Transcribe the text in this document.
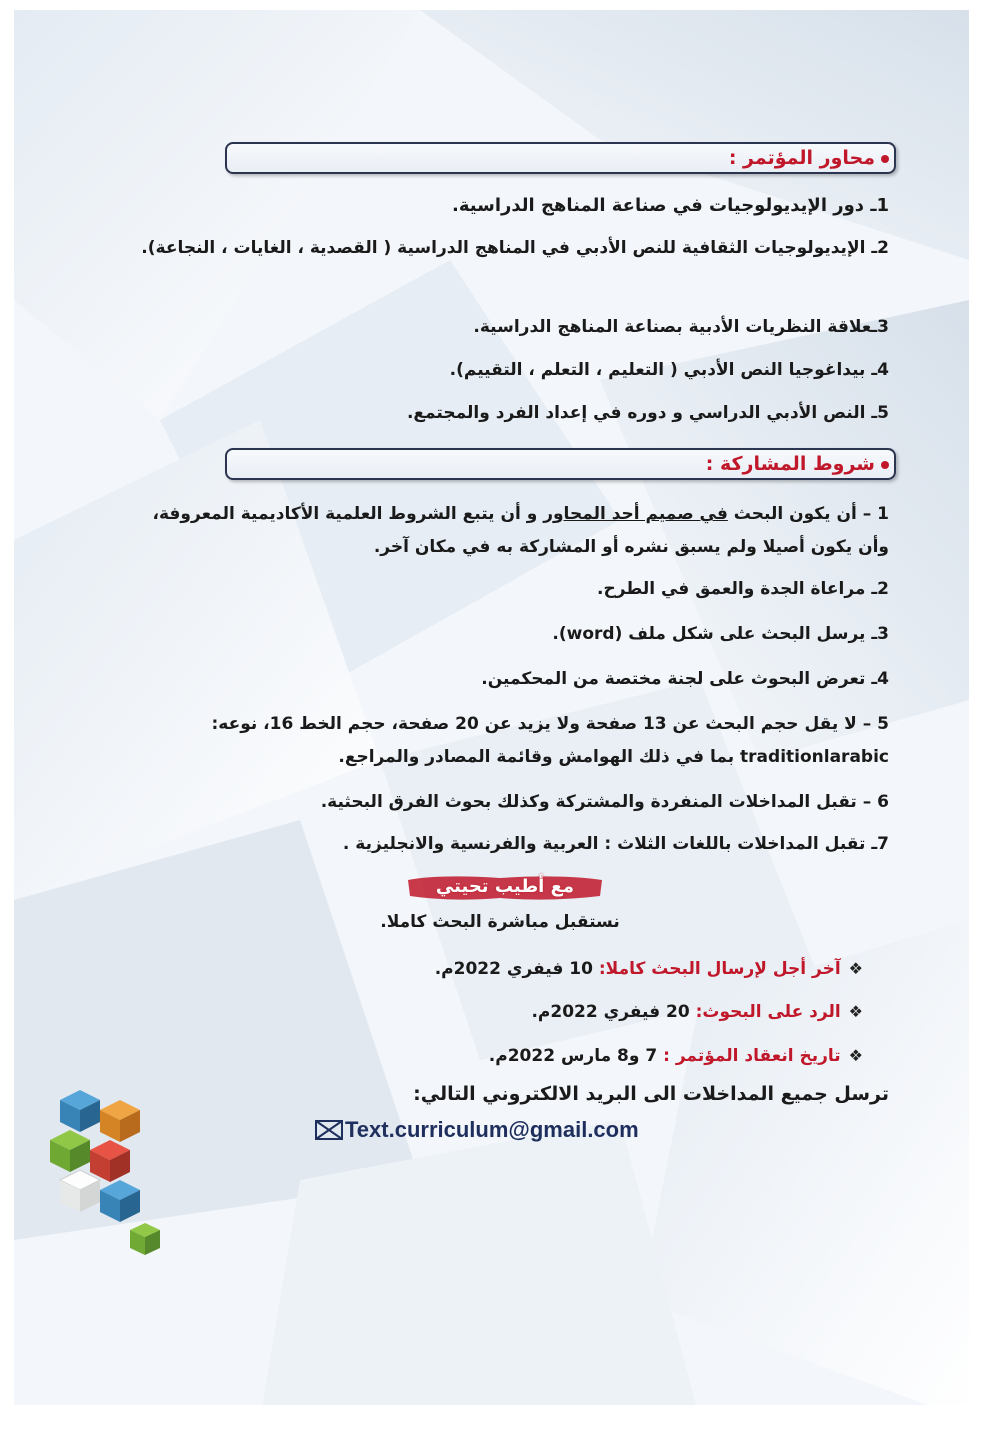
محاور المؤتمر :
1ـ دور الإيديولوجيات في صناعة المناهج الدراسية.
2ـ الإيديولوجيات الثقافية للنص الأدبي في المناهج الدراسية ( القصدية ، الغايات ، النجاعة).
3ـعلاقة النظريات الأدبية بصناعة المناهج الدراسية.
4ـ بيداغوجيا النص الأدبي ( التعليم ، التعلم ، التقييم).
5ـ النص الأدبي الدراسي و دوره في إعداد الفرد والمجتمع.
شروط المشاركة :
1 – أن يكون البحث في صميم أحد المحاور و أن يتبع الشروط العلمية الأكاديمية المعروفة، وأن يكون أصيلا ولم يسبق نشره أو المشاركة به في مكان آخر.
2ـ مراعاة الجدة والعمق في الطرح.
3ـ يرسل البحث على شكل ملف (word).
4ـ تعرض البحوث على لجنة مختصة من المحكمين.
5 – لا يقل حجم البحث عن 13 صفحة ولا يزيد عن 20 صفحة، حجم الخط 16، نوعه: traditionlarabic بما في ذلك الهوامش وقائمة المصادر والمراجع.
6 – تقبل المداخلات المنفردة والمشتركة وكذلك بحوث الفرق البحثية.
7ـ تقبل المداخلات باللغات الثلاث : العربية والفرنسية والانجليزية .
مع أطيب تحيتي
نستقبل مباشرة البحث كاملا.
❖آخر أجل لإرسال البحث كاملا: 10 فيفري 2022م.
❖الرد على البحوث: 20 فيفري 2022م.
❖تاريخ انعقاد المؤتمر : 7 و8 مارس 2022م.
ترسل جميع المداخلات الى البريد الالكتروني التالي:
Text.curriculum@gmail.com
